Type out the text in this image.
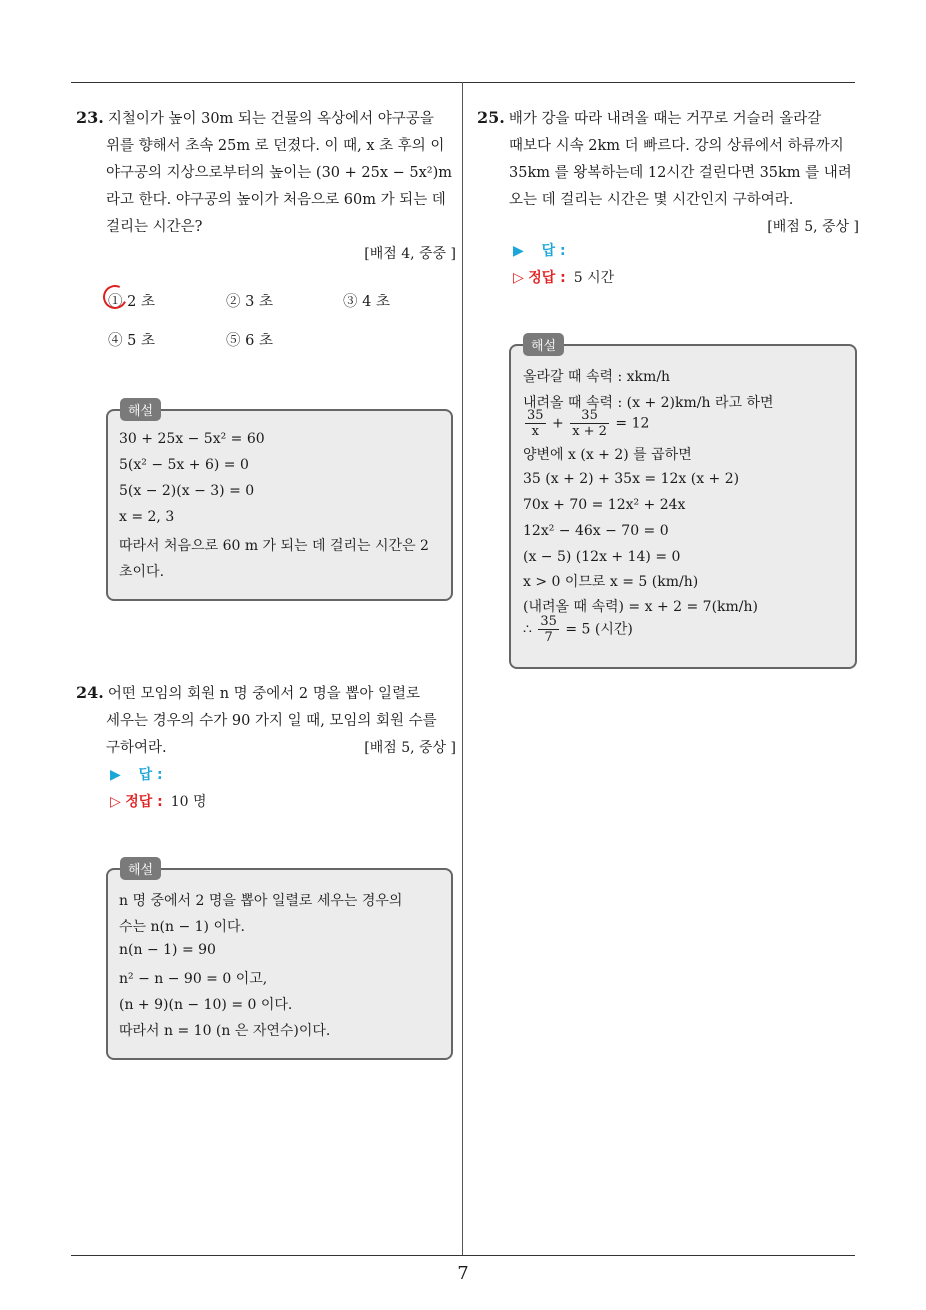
23. 지철이가 높이 30m 되는 건물의 옥상에서 야구공을
위를 향해서 초속 25m 로 던졌다. 이 때, x 초 후의 이
야구공의 지상으로부터의 높이는 (30 + 25x − 5x²)m
라고 한다. 야구공의 높이가 처음으로 60m 가 되는 데
걸리는 시간은?
[배점 4, 중중 ]
① 2 초	② 3 초	③ 4 초
④ 5 초	⑤ 6 초
해설
30 + 25x − 5x² = 60
5(x² − 5x + 6) = 0
5(x − 2)(x − 3) = 0
x = 2, 3
따라서 처음으로 60 m 가 되는 데 걸리는 시간은 2
초이다.
24. 어떤 모임의 회원 n 명 중에서 2 명을 뽑아 일렬로
세우는 경우의 수가 90 가지 일 때, 모임의 회원 수를
구하여라.	[배점 5, 중상 ]
▶ 답 :
▷ 정답 : 10 명
해설
n 명 중에서 2 명을 뽑아 일렬로 세우는 경우의
수는 n(n − 1) 이다.
n(n − 1) = 90
n² − n − 90 = 0 이고,
(n + 9)(n − 10) = 0 이다.
따라서 n = 10 (n 은 자연수)이다.
25. 배가 강을 따라 내려올 때는 거꾸로 거슬러 올라갈
때보다 시속 2km 더 빠르다. 강의 상류에서 하류까지
35km 를 왕복하는데 12시간 걸린다면 35km 를 내려
오는 데 걸리는 시간은 몇 시간인지 구하여라.
[배점 5, 중상 ]
▶ 답 :
▷ 정답 : 5 시간
해설
올라갈 때 속력 : xkm/h
내려올 때 속력 : (x + 2)km/h 라고 하면
$\frac{35}{x} + \frac{35}{x + 2} = 12$
양변에 x (x + 2) 를 곱하면
35 (x + 2) + 35x = 12x (x + 2)
70x + 70 = 12x² + 24x
12x² − 46x − 70 = 0
(x − 5) (12x + 14) = 0
x > 0 이므로 x = 5 (km/h)
(내려올 때 속력) = x + 2 = 7(km/h)
∴ $\frac{35}{7} = 5$ (시간)
7
